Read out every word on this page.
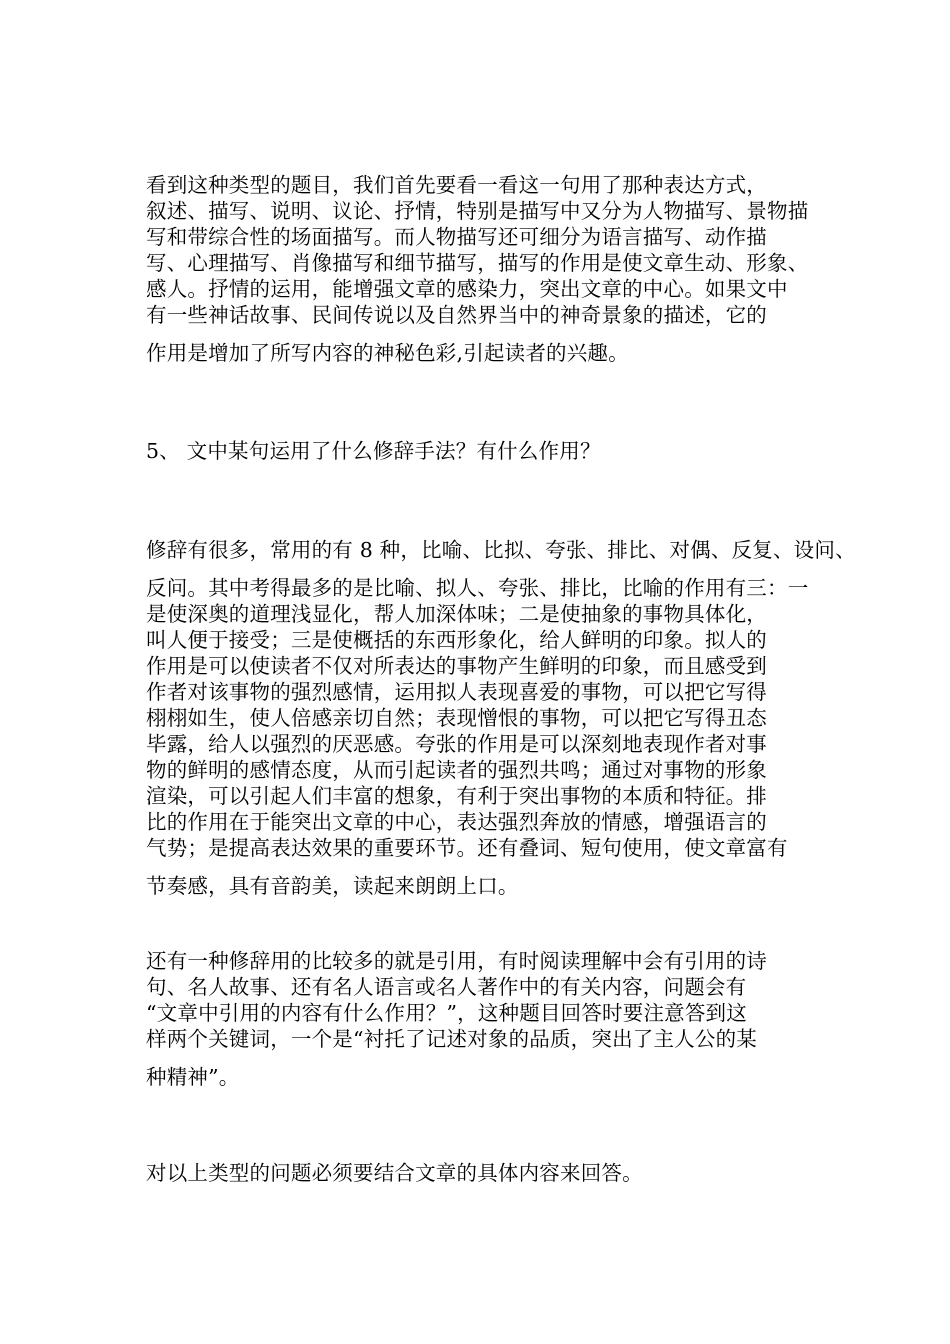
看到这种类型的题目，我们首先要看一看这一句用了那种表达方式，
叙述、描写、说明、议论、抒情，特别是描写中又分为人物描写、景物描
写和带综合性的场面描写。而人物描写还可细分为语言描写、动作描
写、心理描写、肖像描写和细节描写，描写的作用是使文章生动、形象、
感人。抒情的运用，能增强文章的感染力，突出文章的中心。如果文中
有一些神话故事、民间传说以及自然界当中的神奇景象的描述，它的
作用是增加了所写内容的神秘色彩,引起读者的兴趣。
5、 文中某句运用了什么修辞手法？有什么作用？
修辞有很多，常用的有 8 种，比喻、比拟、夸张、排比、对偶、反复、设问、
反问。其中考得最多的是比喻、拟人、夸张、排比，比喻的作用有三：一
是使深奥的道理浅显化，帮人加深体味；二是使抽象的事物具体化，
叫人便于接受；三是使概括的东西形象化，给人鲜明的印象。拟人的
作用是可以使读者不仅对所表达的事物产生鲜明的印象，而且感受到
作者对该事物的强烈感情，运用拟人表现喜爱的事物，可以把它写得
栩栩如生，使人倍感亲切自然；表现憎恨的事物，可以把它写得丑态
毕露，给人以强烈的厌恶感。夸张的作用是可以深刻地表现作者对事
物的鲜明的感情态度，从而引起读者的强烈共鸣；通过对事物的形象
渲染，可以引起人们丰富的想象，有利于突出事物的本质和特征。排
比的作用在于能突出文章的中心，表达强烈奔放的情感，增强语言的
气势；是提高表达效果的重要环节。还有叠词、短句使用，使文章富有
节奏感，具有音韵美，读起来朗朗上口。
还有一种修辞用的比较多的就是引用，有时阅读理解中会有引用的诗
句、名人故事、还有名人语言或名人著作中的有关内容，问题会有
“文章中引用的内容有什么作用？”，这种题目回答时要注意答到这
样两个关键词，一个是“衬托了记述对象的品质，突出了主人公的某
种精神”。
对以上类型的问题必须要结合文章的具体内容来回答。
